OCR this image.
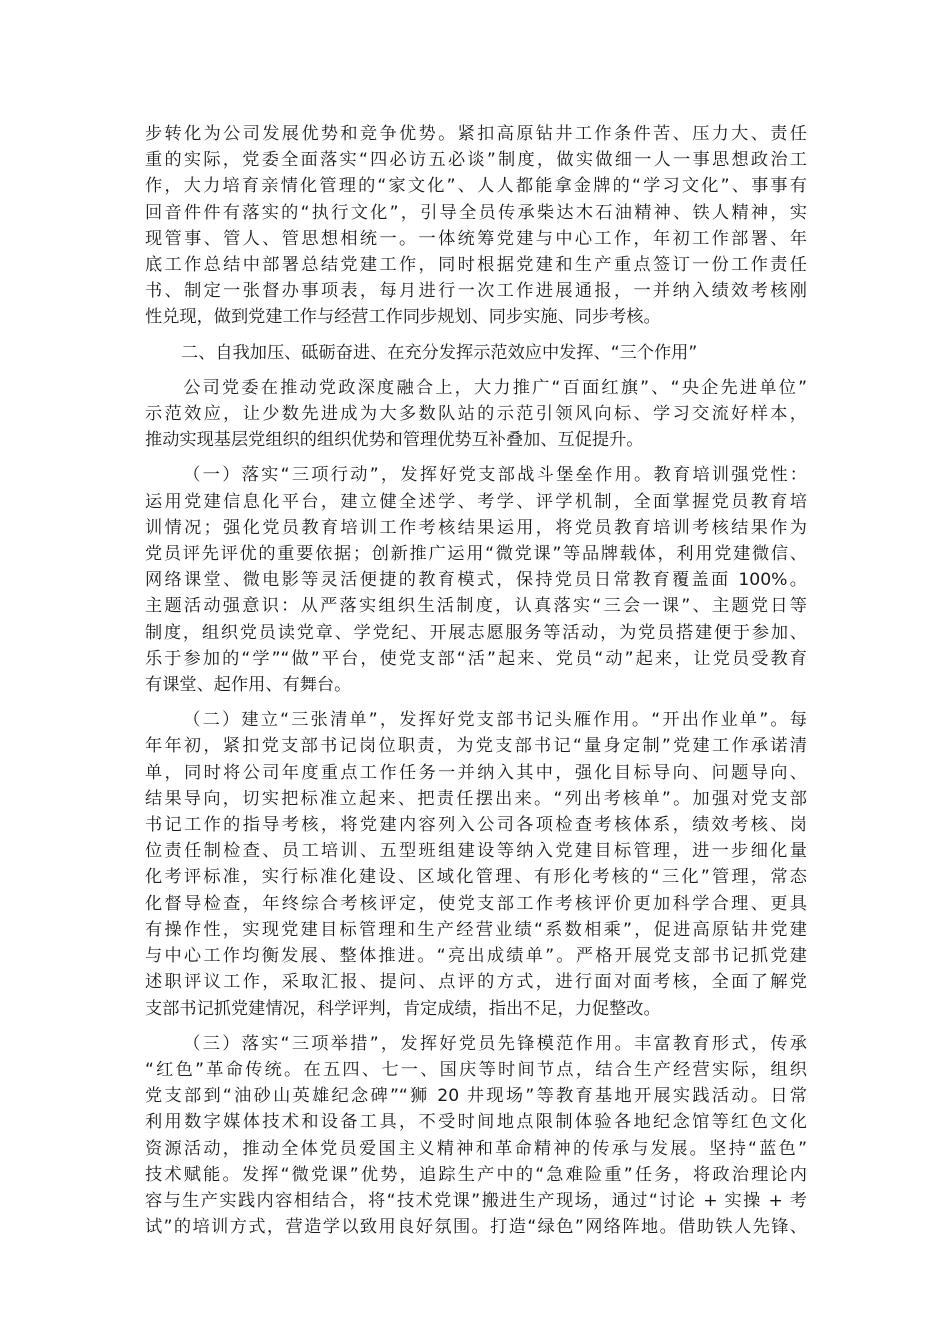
步转化为公司发展优势和竞争优势。紧扣高原钻井工作条件苦、压力大、责任
重的实际，党委全面落实“四必访五必谈”制度，做实做细一人一事思想政治工
作，大力培育亲情化管理的“家文化”、人人都能拿金牌的“学习文化”、事事有
回音件件有落实的“执行文化”，引导全员传承柴达木石油精神、铁人精神，实
现管事、管人、管思想相统一。一体统筹党建与中心工作，年初工作部署、年
底工作总结中部署总结党建工作，同时根据党建和生产重点签订一份工作责任
书、制定一张督办事项表，每月进行一次工作进展通报，一并纳入绩效考核刚
性兑现，做到党建工作与经营工作同步规划、同步实施、同步考核。
二、自我加压、砥砺奋进、在充分发挥示范效应中发挥、“三个作用”
公司党委在推动党政深度融合上，大力推广“百面红旗”、“央企先进单位”
示范效应，让少数先进成为大多数队站的示范引领风向标、学习交流好样本，
推动实现基层党组织的组织优势和管理优势互补叠加、互促提升。
（一）落实“三项行动”，发挥好党支部战斗堡垒作用。教育培训强党性：
运用党建信息化平台，建立健全述学、考学、评学机制，全面掌握党员教育培
训情况；强化党员教育培训工作考核结果运用，将党员教育培训考核结果作为
党员评先评优的重要依据；创新推广运用“微党课”等品牌载体，利用党建微信、
网络课堂、微电影等灵活便捷的教育模式，保持党员日常教育覆盖面 100%。
主题活动强意识：从严落实组织生活制度，认真落实“三会一课”、主题党日等
制度，组织党员读党章、学党纪、开展志愿服务等活动，为党员搭建便于参加、
乐于参加的“学”“做”平台，使党支部“活”起来、党员“动”起来，让党员受教育
有课堂、起作用、有舞台。
（二）建立“三张清单”，发挥好党支部书记头雁作用。“开出作业单”。每
年年初，紧扣党支部书记岗位职责，为党支部书记“量身定制”党建工作承诺清
单，同时将公司年度重点工作任务一并纳入其中，强化目标导向、问题导向、
结果导向，切实把标准立起来、把责任摆出来。“列出考核单”。加强对党支部
书记工作的指导考核，将党建内容列入公司各项检查考核体系，绩效考核、岗
位责任制检查、员工培训、五型班组建设等纳入党建目标管理，进一步细化量
化考评标准，实行标准化建设、区域化管理、有形化考核的“三化”管理，常态
化督导检查，年终综合考核评定，使党支部工作考核评价更加科学合理、更具
有操作性，实现党建目标管理和生产经营业绩“系数相乘”，促进高原钻井党建
与中心工作均衡发展、整体推进。“亮出成绩单”。严格开展党支部书记抓党建
述职评议工作，采取汇报、提问、点评的方式，进行面对面考核，全面了解党
支部书记抓党建情况，科学评判，肯定成绩，指出不足，力促整改。
（三）落实“三项举措”，发挥好党员先锋模范作用。丰富教育形式，传承
“红色”革命传统。在五四、七一、国庆等时间节点，结合生产经营实际，组织
党支部到“油砂山英雄纪念碑”“狮 20 井现场”等教育基地开展实践活动。日常
利用数字媒体技术和设备工具，不受时间地点限制体验各地纪念馆等红色文化
资源活动，推动全体党员爱国主义精神和革命精神的传承与发展。坚持“蓝色”
技术赋能。发挥“微党课”优势，追踪生产中的“急难险重”任务，将政治理论内
容与生产实践内容相结合，将“技术党课”搬进生产现场，通过“讨论 + 实操 + 考
试”的培训方式，营造学以致用良好氛围。打造“绿色”网络阵地。借助铁人先锋、
